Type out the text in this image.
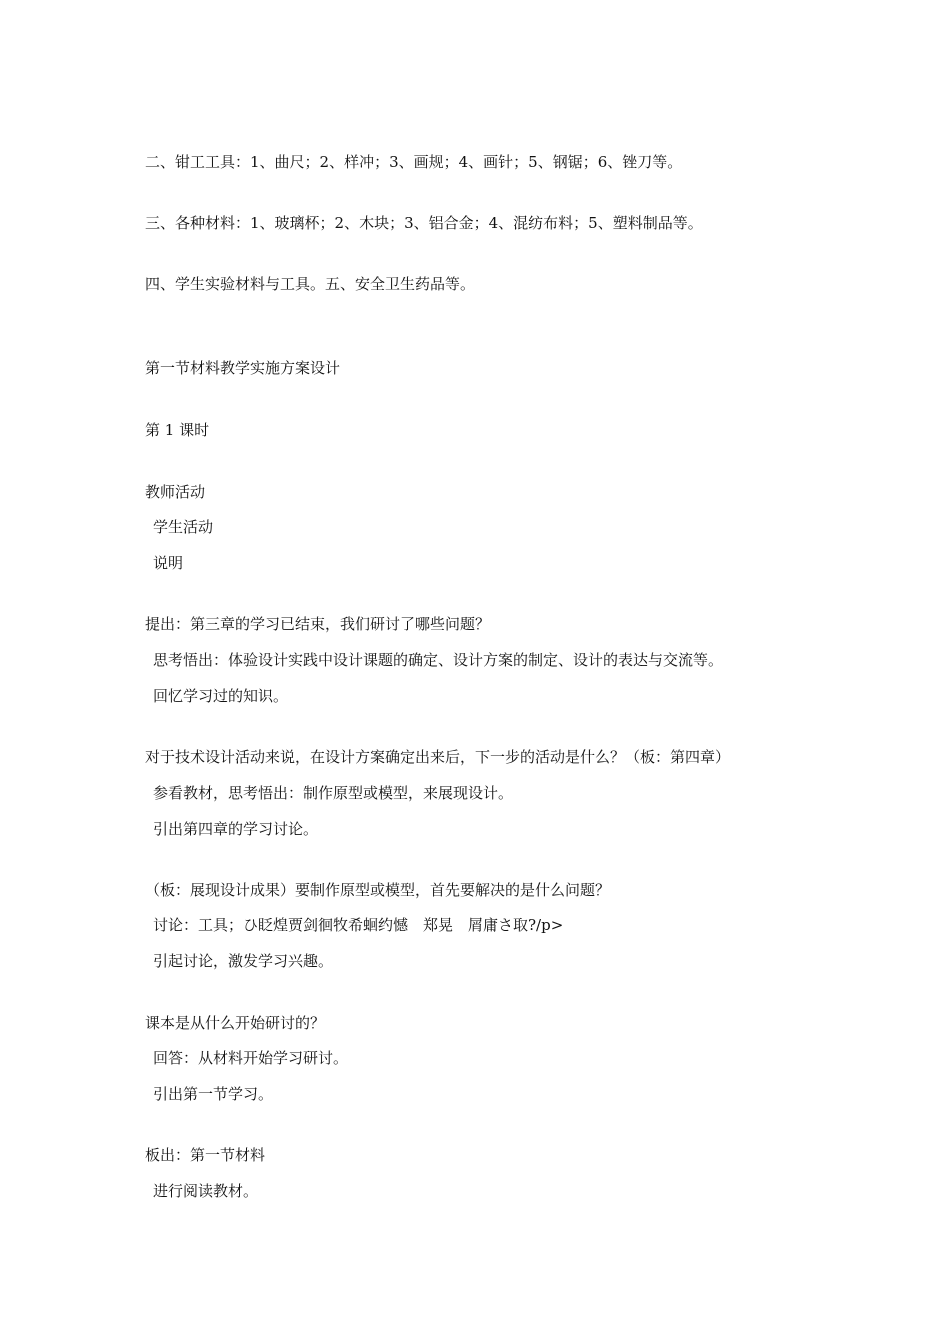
二、钳工工具：1、曲尺；2、样冲；3、画规；4、画针；5、钢锯；6、锉刀等。
三、各种材料：1、玻璃杯；2、木块；3、铝合金；4、混纺布料；5、塑料制品等。
四、学生实验材料与工具。五、安全卫生药品等。
第一节材料教学实施方案设计
第 1 课时
教师活动
学生活动
说明
提出：第三章的学习已结束，我们研讨了哪些问题？
思考悟出：体验设计实践中设计课题的确定、设计方案的制定、设计的表达与交流等。
回忆学习过的知识。
对于技术设计活动来说，在设计方案确定出来后，下一步的活动是什么？（板：第四章）
参看教材，思考悟出：制作原型或模型，来展现设计。
引出第四章的学习讨论。
（板：展现设计成果）要制作原型或模型，首先要解决的是什么问题？
讨论：工具；ひ眨煌贾剑徊牧希蛔约憾　郑晃　屑庸さ取?/p>
引起讨论，激发学习兴趣。
课本是从什么开始研讨的？
回答：从材料开始学习研讨。
引出第一节学习。
板出：第一节材料
进行阅读教材。
